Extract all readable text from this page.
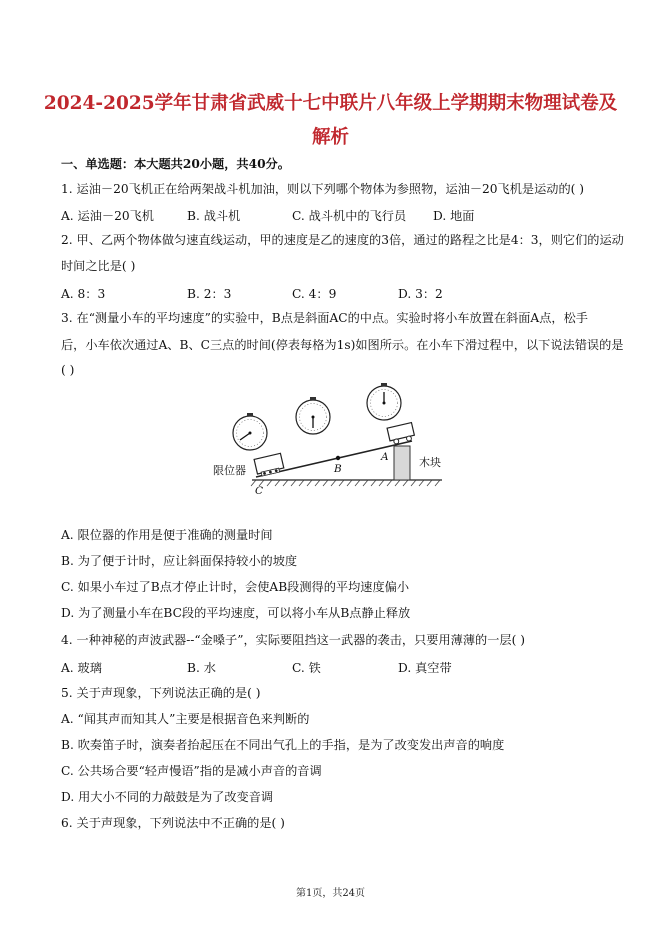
2024-2025学年甘肃省武威十七中联片八年级上学期期末物理试卷及
解析
一、单选题：本大题共20小题，共40分。
1. 运油－20飞机正在给两架战斗机加油，则以下列哪个物体为参照物，运油－20飞机是运动的( )
A. 运油－20飞机	B. 战斗机	C. 战斗机中的飞行员 D. 地面
2. 甲、乙两个物体做匀速直线运动，甲的速度是乙的速度的3倍，通过的路程之比是4：3，则它们的运动
时间之比是( )
A. 8：3	B. 2：3	C. 4：9	D. 3：2
3. 在“测量小车的平均速度”的实验中，B点是斜面AC的中点。实验时将小车放置在斜面A点，松手
后，小车依次通过A、B、C三点的时间(停表每格为1s)如图所示。在小车下滑过程中，以下说法错误的是
( )
限位器
木块
A
B
C
A. 限位器的作用是便于准确的测量时间
B. 为了便于计时，应让斜面保持较小的坡度
C. 如果小车过了B点才停止计时，会使AB段测得的平均速度偏小
D. 为了测量小车在BC段的平均速度，可以将小车从B点静止释放
4. 一种神秘的声波武器--“金嗓子”，实际要阻挡这一武器的袭击，只要用薄薄的一层( )
A. 玻璃	B. 水	C. 铁	D. 真空带
5. 关于声现象，下列说法正确的是( )
A. “闻其声而知其人”主要是根据音色来判断的
B. 吹奏笛子时，演奏者抬起压在不同出气孔上的手指，是为了改变发出声音的响度
C. 公共场合要“轻声慢语”指的是减小声音的音调
D. 用大小不同的力敲鼓是为了改变音调
6. 关于声现象，下列说法中不正确的是( )
第1页，共24页
